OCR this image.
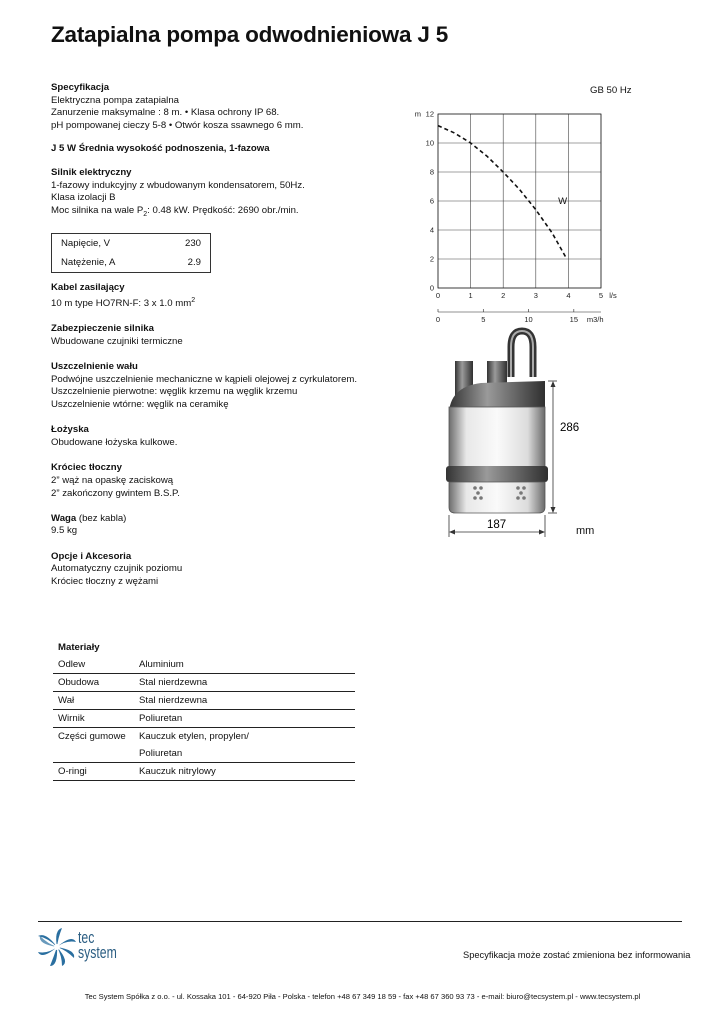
Zatapialna pompa odwodnieniowa J 5
Specyfikacja
Elektryczna pompa zatapialna
Zanurzenie maksymalne : 8 m. • Klasa ochrony IP 68.
pH pompowanej cieczy 5-8 • Otwór kosza ssawnego 6 mm.
J 5 W Średnia wysokość podnoszenia, 1-fazowa
Silnik elektryczny
1-fazowy indukcyjny z wbudowanym kondensatorem, 50Hz.
Klasa izolacji B
Moc silnika na wale $P_2$: 0.48 kW. Prędkość: 2690 obr./min.
Napięcie, V	230
Natężenie, A	2.9
Kabel zasilający
10 m type HO7RN-F: 3 x 1.0 $mm^2$
Zabezpieczenie silnika
Wbudowane czujniki termiczne
Uszczelnienie wału
Podwójne uszczelnienie mechaniczne w kąpieli olejowej z cyrkulatorem.
Uszczelnienie pierwotne: węglik krzemu na węglik krzemu
Uszczelnienie wtórne: węglik na ceramikę
Łożyska
Obudowane łożyska kulkowe.
Króciec tłoczny
2” wąż na opaskę zaciskową
2” zakończony gwintem B.S.P.
Waga (bez kabla)
9.5 kg
Opcje i Akcesoria
Automatyczny czujnik poziomu
Króciec tłoczny z wężami
Materiały
Odlew	Aluminium
Obudowa	Stal nierdzewna
Wał	Stal nierdzewna
Wirnik	Poliuretan
Części gumowe	Kauczuk etylen, propylen/
	Poliuretan
O-ringi	Kauczuk nitrylowy
GB 50 Hz
0	1	2	3	4	5
0
2
4
6
8
10
12
m
l/s
0	5	10	15 m3/h
W
286
187	mm
tec
system	Specyfikacja może zostać zmieniona bez informowania
Tec System Spółka z o.o. - ul. Kossaka 101 - 64-920 Piła - Polska - telefon +48 67 349 18 59 - fax +48 67 360 93 73 - e-mail: biuro@tecsystem.pl - www.tecsystem.pl
